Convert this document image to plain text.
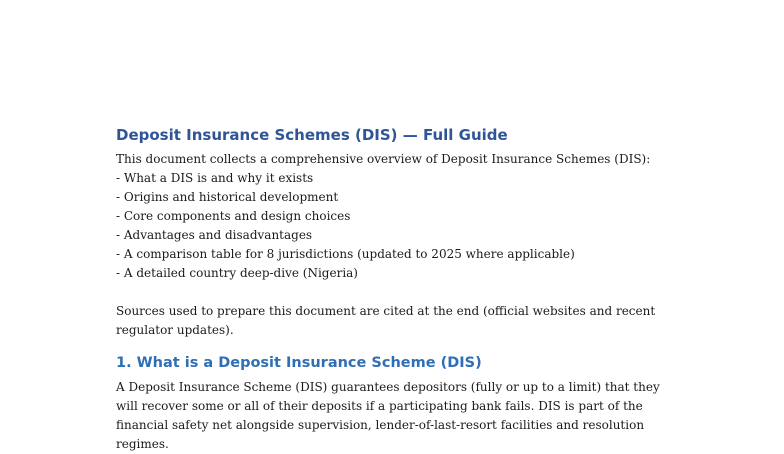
Deposit Insurance Schemes (DIS) — Full Guide

This document collects a comprehensive overview of Deposit Insurance Schemes (DIS):

- What a DIS is and why it exists

- Origins and historical development

- Core components and design choices

- Advantages and disadvantages

- A comparison table for 8 jurisdictions (updated to 2025 where applicable)

- A detailed country deep-dive (Nigeria)

Sources used to prepare this document are cited at the end (official websites and recent

regulator updates).

1. What is a Deposit Insurance Scheme (DIS)

A Deposit Insurance Scheme (DIS) guarantees depositors (fully or up to a limit) that they

will recover some or all of their deposits if a participating bank fails. DIS is part of the

financial safety net alongside supervision, lender-of-last-resort facilities and resolution

regimes.
